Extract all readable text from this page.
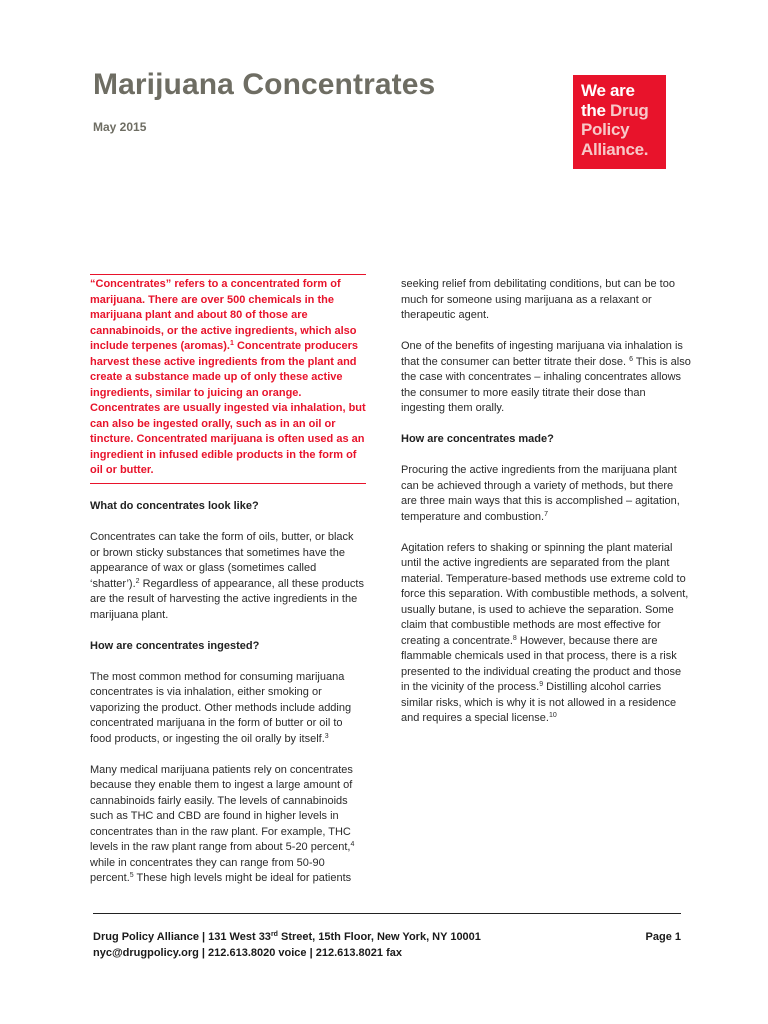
Marijuana Concentrates
May 2015
We are
the Drug
Policy
Alliance.

“Concentrates” refers to a concentrated form of marijuana. There are over 500 chemicals in the marijuana plant and about 80 of those are cannabinoids, or the active ingredients, which also include terpenes (aromas).$^1$ Concentrate producers harvest these active ingredients from the plant and create a substance made up of only these active ingredients, similar to juicing an orange. Concentrates are usually ingested via inhalation, but can also be ingested orally, such as in an oil or tincture. Concentrated marijuana is often used as an ingredient in infused edible products in the form of oil or butter.

What do concentrates look like?

Concentrates can take the form of oils, butter, or black or brown sticky substances that sometimes have the appearance of wax or glass (sometimes called ‘shatter’).$^2$ Regardless of appearance, all these products are the result of harvesting the active ingredients in the marijuana plant.

How are concentrates ingested?

The most common method for consuming marijuana concentrates is via inhalation, either smoking or vaporizing the product. Other methods include adding concentrated marijuana in the form of butter or oil to food products, or ingesting the oil orally by itself.$^3$

Many medical marijuana patients rely on concentrates because they enable them to ingest a large amount of cannabinoids fairly easily. The levels of cannabinoids such as THC and CBD are found in higher levels in concentrates than in the raw plant. For example, THC levels in the raw plant range from about 5-20 percent,$^4$ while in concentrates they can range from 50-90 percent.$^5$ These high levels might be ideal for patients

seeking relief from debilitating conditions, but can be too much for someone using marijuana as a relaxant or therapeutic agent.

One of the benefits of ingesting marijuana via inhalation is that the consumer can better titrate their dose. $^6$ This is also the case with concentrates – inhaling concentrates allows the consumer to more easily titrate their dose than ingesting them orally.

How are concentrates made?

Procuring the active ingredients from the marijuana plant can be achieved through a variety of methods, but there are three main ways that this is accomplished – agitation, temperature and combustion.$^7$

Agitation refers to shaking or spinning the plant material until the active ingredients are separated from the plant material. Temperature-based methods use extreme cold to force this separation. With combustible methods, a solvent, usually butane, is used to achieve the separation. Some claim that combustible methods are most effective for creating a concentrate.$^8$ However, because there are flammable chemicals used in that process, there is a risk presented to the individual creating the product and those in the vicinity of the process.$^9$ Distilling alcohol carries similar risks, which is why it is not allowed in a residence and requires a special license.$^{10}$

Drug Policy Alliance | 131 West 33rd Street, 15th Floor, New York, NY 10001
nyc@drugpolicy.org | 212.613.8020 voice | 212.613.8021 fax
Page 1
